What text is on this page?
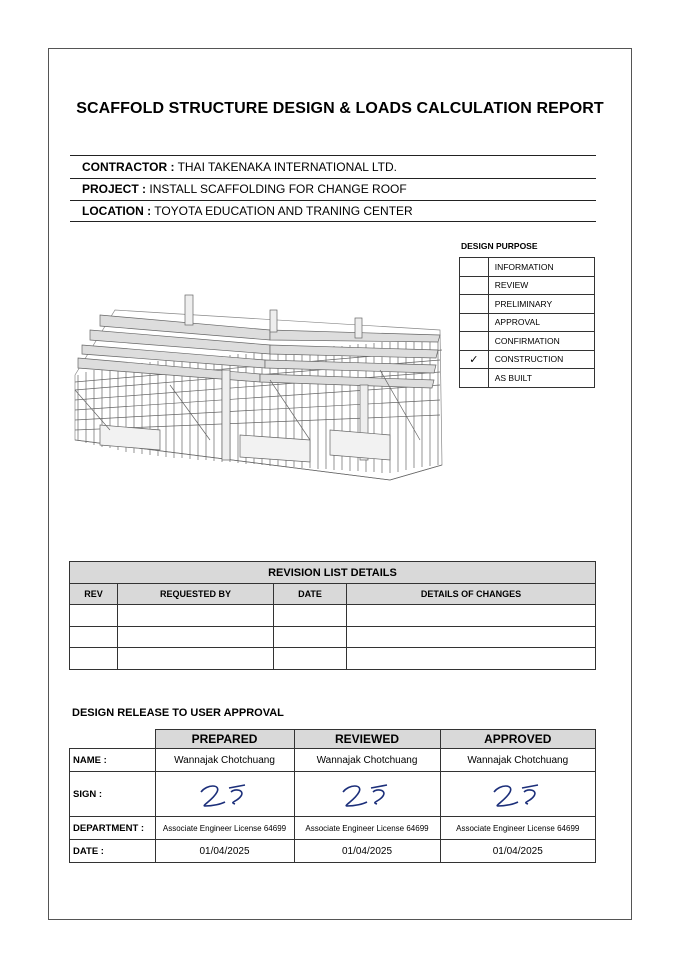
SCAFFOLD STRUCTURE DESIGN & LOADS CALCULATION REPORT
CONTRACTOR : THAI TAKENAKA INTERNATIONAL LTD.
PROJECT : INSTALL SCAFFOLDING FOR CHANGE ROOF
LOCATION : TOYOTA EDUCATION AND TRANING CENTER
DESIGN PURPOSE
	INFORMATION
	REVIEW
	PRELIMINARY
	APPROVAL
	CONFIRMATION
✓	CONSTRUCTION
	AS BUILT
REVISION LIST DETAILS			
REV	REQUESTED BY	DATE	DETAILS OF CHANGES

DESIGN RELEASE TO USER APPROVAL
	PREPARED	REVIEWED	APPROVED
NAME :	Wannajak Chotchuang	Wannajak Chotchuang	Wannajak Chotchuang
SIGN :	

DEPARTMENT :	Associate Engineer License 64699	Associate Engineer License 64699	Associate Engineer License 64699
DATE :	01/04/2025	01/04/2025	01/04/2025
